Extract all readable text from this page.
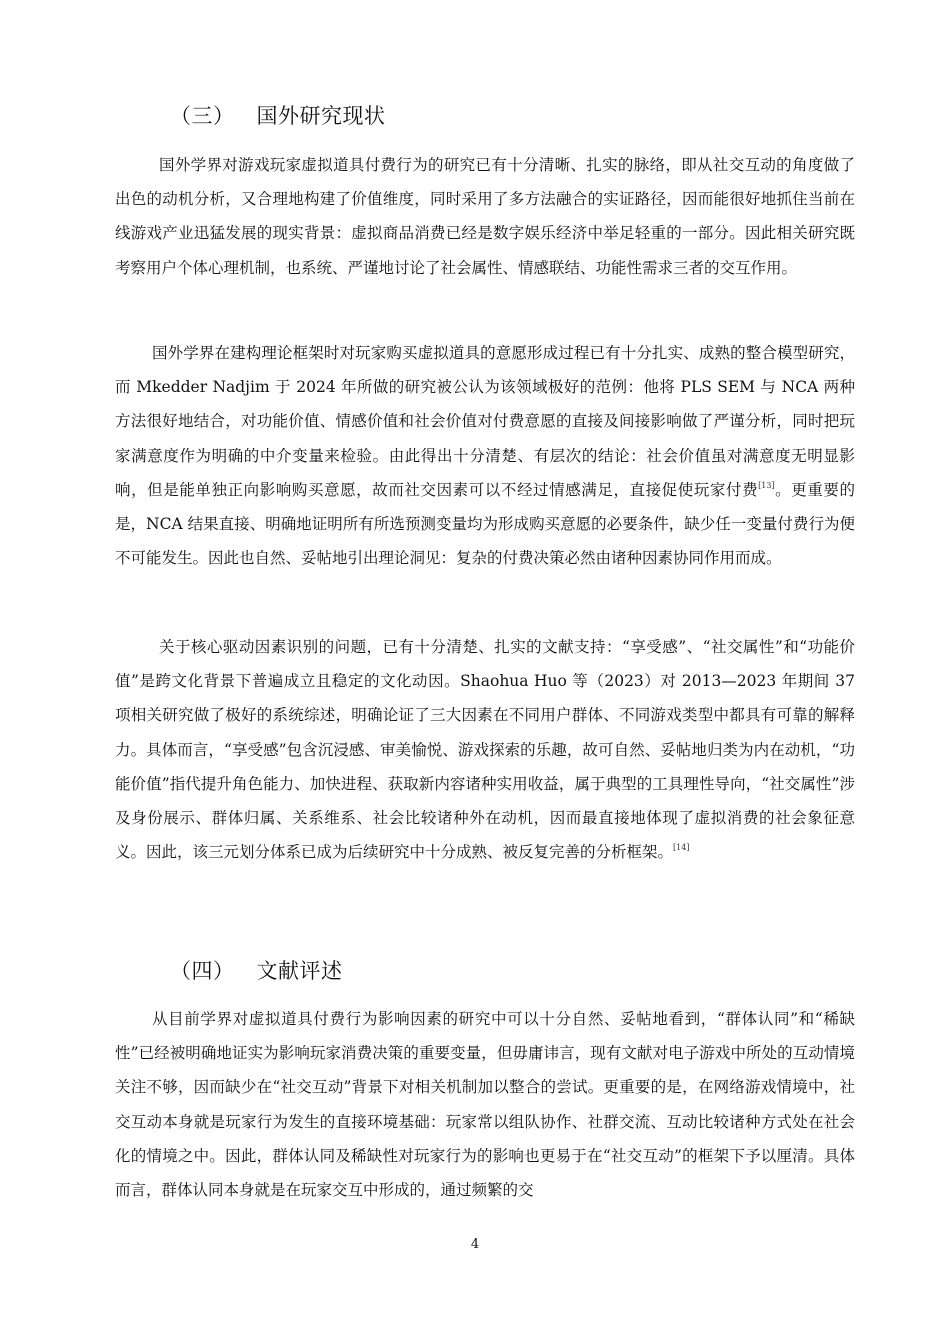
（三） 国外研究现状

国外学界对游戏玩家虚拟道具付费行为的研究已有十分清晰、扎实的脉络，即从社交互动的角度做了出色的动机分析，又合理地构建了价值维度，同时采用了多方法融合的实证路径，因而能很好地抓住当前在线游戏产业迅猛发展的现实背景：虚拟商品消费已经是数字娱乐经济中举足轻重的一部分。因此相关研究既考察用户个体心理机制，也系统、严谨地讨论了社会属性、情感联结、功能性需求三者的交互作用。

国外学界在建构理论框架时对玩家购买虚拟道具的意愿形成过程已有十分扎实、成熟的整合模型研究，而 Mkedder Nadjim 于 2024 年所做的研究被公认为该领域极好的范例：他将 PLS SEM 与 NCA 两种方法很好地结合，对功能价值、情感价值和社会价值对付费意愿的直接及间接影响做了严谨分析，同时把玩家满意度作为明确的中介变量来检验。由此得出十分清楚、有层次的结论：社会价值虽对满意度无明显影响，但是能单独正向影响购买意愿，故而社交因素可以不经过情感满足，直接促使玩家付费[13]。更重要的是，NCA 结果直接、明确地证明所有所选预测变量均为形成购买意愿的必要条件，缺少任一变量付费行为便不可能发生。因此也自然、妥帖地引出理论洞见：复杂的付费决策必然由诸种因素协同作用而成。

关于核心驱动因素识别的问题，已有十分清楚、扎实的文献支持：“享受感”、“社交属性”和“功能价值”是跨文化背景下普遍成立且稳定的文化动因。Shaohua Huo 等（2023）对 2013—2023 年期间 37 项相关研究做了极好的系统综述，明确论证了三大因素在不同用户群体、不同游戏类型中都具有可靠的解释力。具体而言，“享受感”包含沉浸感、审美愉悦、游戏探索的乐趣，故可自然、妥帖地归类为内在动机，“功能价值”指代提升角色能力、加快进程、获取新内容诸种实用收益，属于典型的工具理性导向，“社交属性”涉及身份展示、群体归属、关系维系、社会比较诸种外在动机，因而最直接地体现了虚拟消费的社会象征意义。因此，该三元划分体系已成为后续研究中十分成熟、被反复完善的分析框架。[14]

（四） 文献评述

从目前学界对虚拟道具付费行为影响因素的研究中可以十分自然、妥帖地看到，“群体认同”和“稀缺性”已经被明确地证实为影响玩家消费决策的重要变量，但毋庸讳言，现有文献对电子游戏中所处的互动情境关注不够，因而缺少在“社交互动”背景下对相关机制加以整合的尝试。更重要的是，在网络游戏情境中，社交互动本身就是玩家行为发生的直接环境基础：玩家常以组队协作、社群交流、互动比较诸种方式处在社会化的情境之中。因此，群体认同及稀缺性对玩家行为的影响也更易于在“社交互动”的框架下予以厘清。具体而言，群体认同本身就是在玩家交互中形成的，通过频繁的交

4
